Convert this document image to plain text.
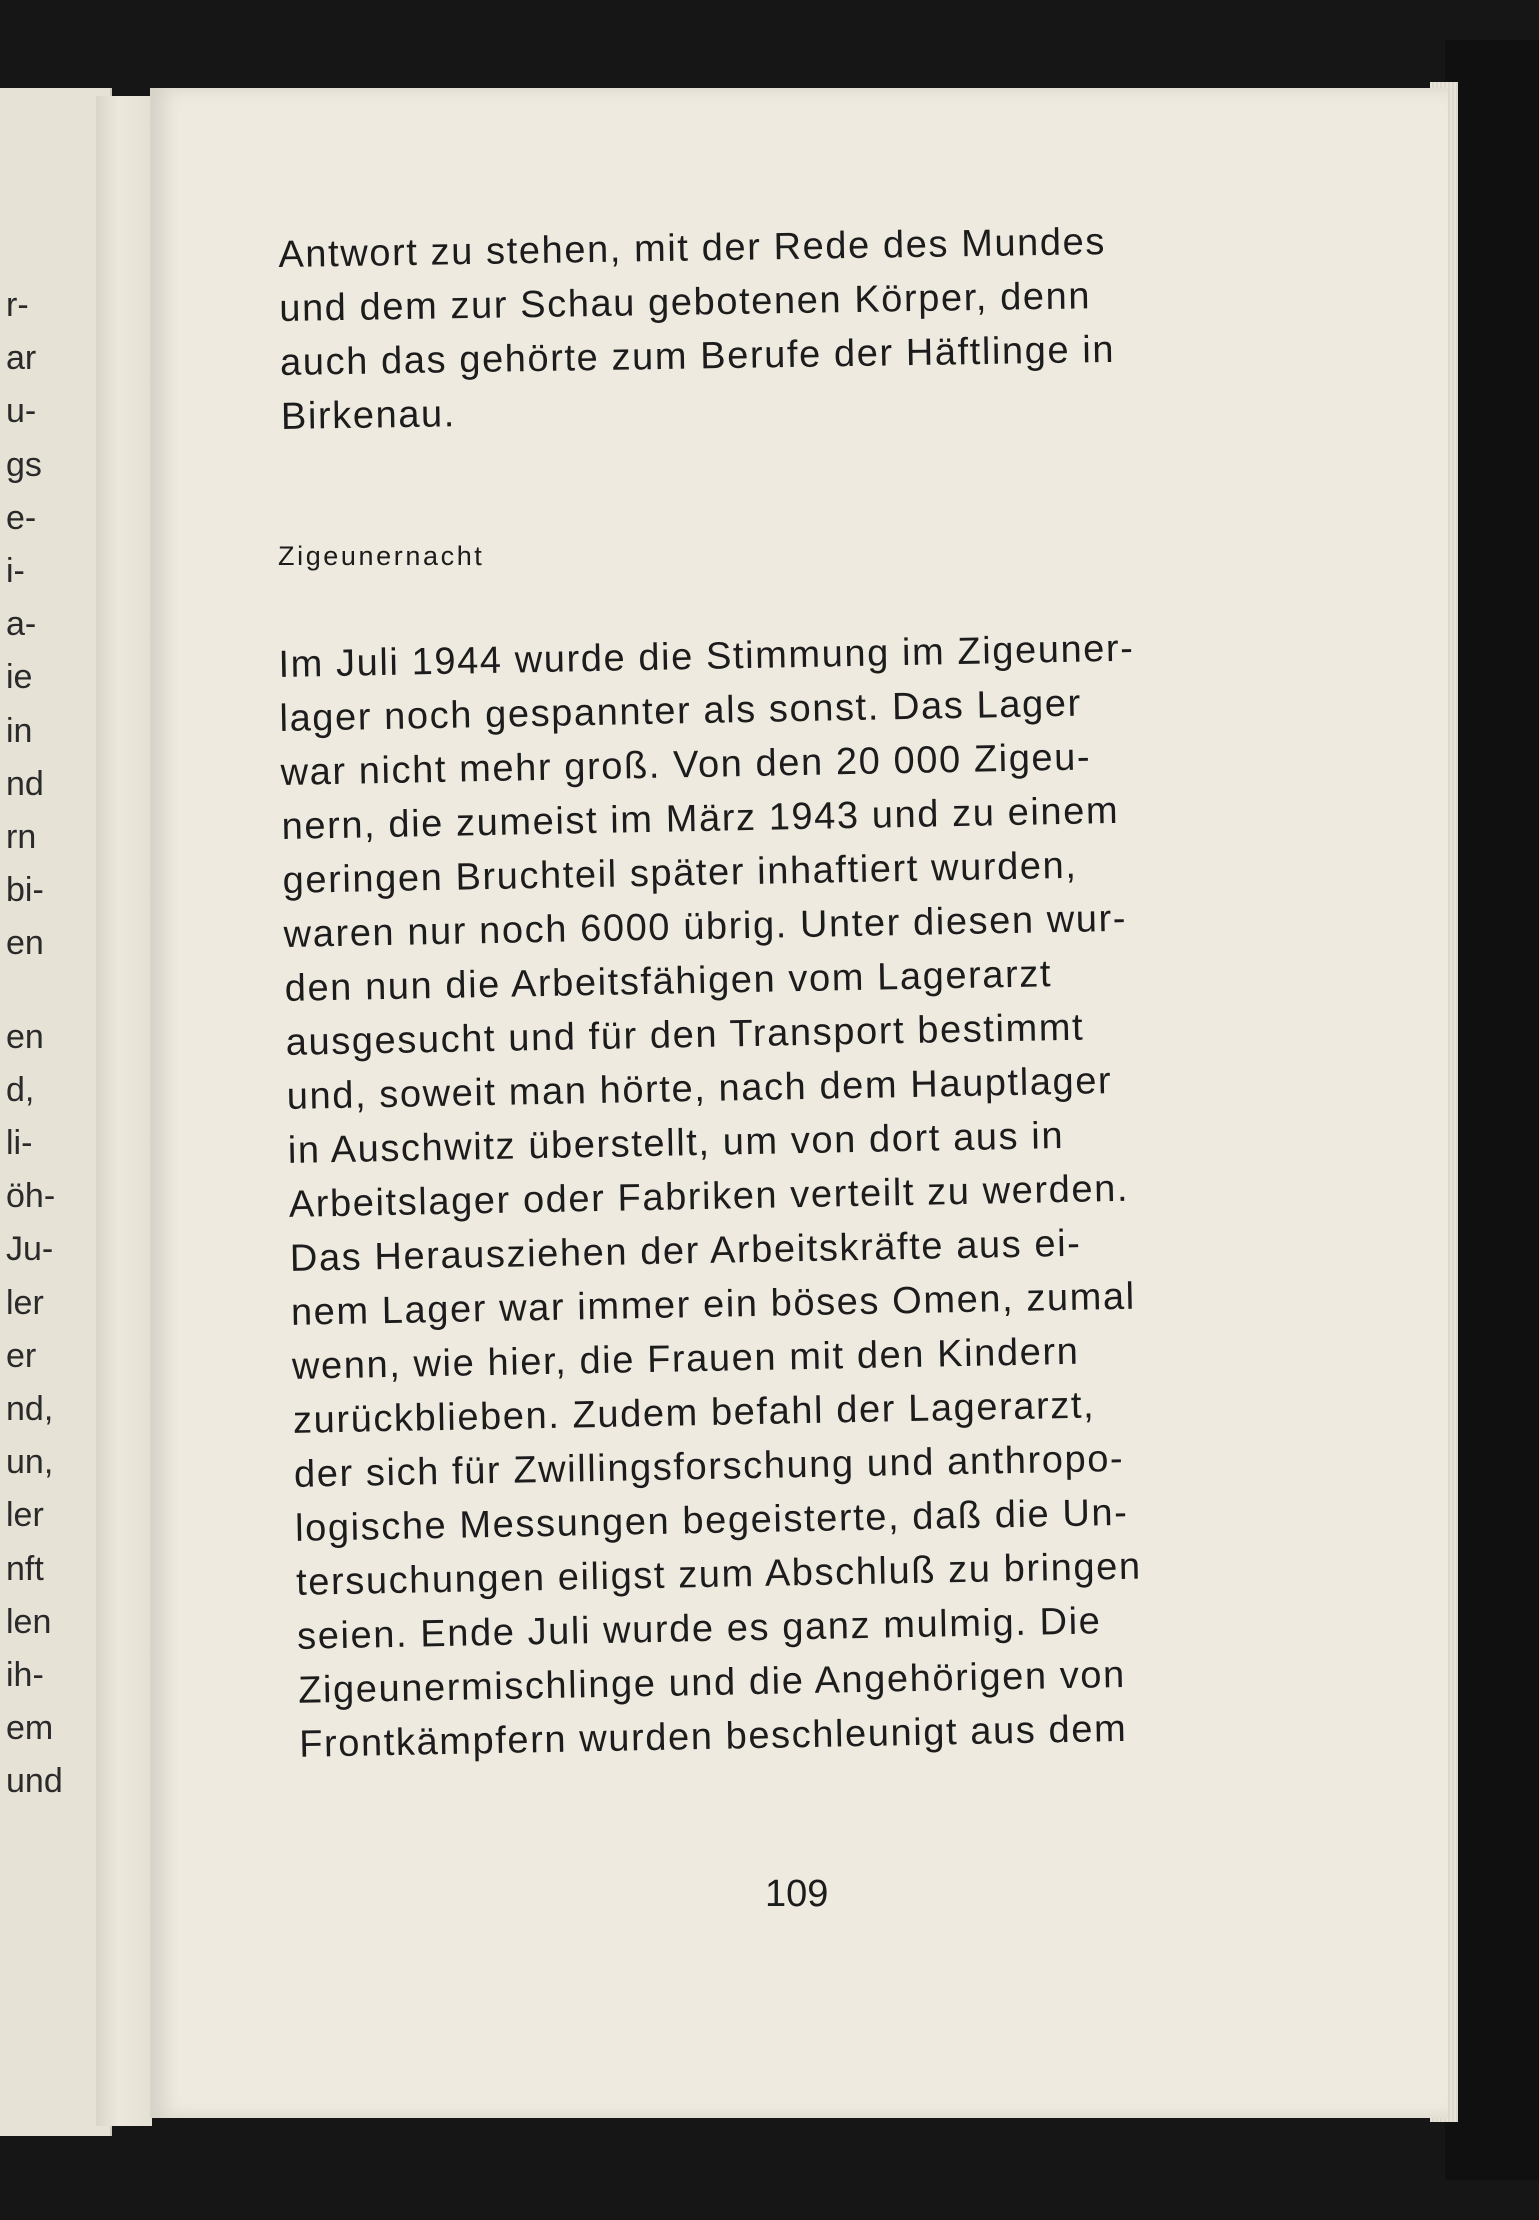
r-
ar
u-
gs
e-
i-
a-
ie
in
nd
rn
bi-
en
en
d,
li-
öh-
Ju-
ler
er
nd,
un,
ler
nft
len
ih-
em
und
Antwort zu stehen, mit der Rede des Mundes
und dem zur Schau gebotenen Körper, denn
auch das gehörte zum Berufe der Häftlinge in
Birkenau.
Zigeunernacht
Im Juli 1944 wurde die Stimmung im Zigeuner-
lager noch gespannter als sonst. Das Lager
war nicht mehr groß. Von den 20 000 Zigeu-
nern, die zumeist im März 1943 und zu einem
geringen Bruchteil später inhaftiert wurden,
waren nur noch 6000 übrig. Unter diesen wur-
den nun die Arbeitsfähigen vom Lagerarzt
ausgesucht und für den Transport bestimmt
und, soweit man hörte, nach dem Hauptlager
in Auschwitz überstellt, um von dort aus in
Arbeitslager oder Fabriken verteilt zu werden.
Das Herausziehen der Arbeitskräfte aus ei-
nem Lager war immer ein böses Omen, zumal
wenn, wie hier, die Frauen mit den Kindern
zurückblieben. Zudem befahl der Lagerarzt,
der sich für Zwillingsforschung und anthropo-
logische Messungen begeisterte, daß die Un-
tersuchungen eiligst zum Abschluß zu bringen
seien. Ende Juli wurde es ganz mulmig. Die
Zigeunermischlinge und die Angehörigen von
Frontkämpfern wurden beschleunigt aus dem
109
